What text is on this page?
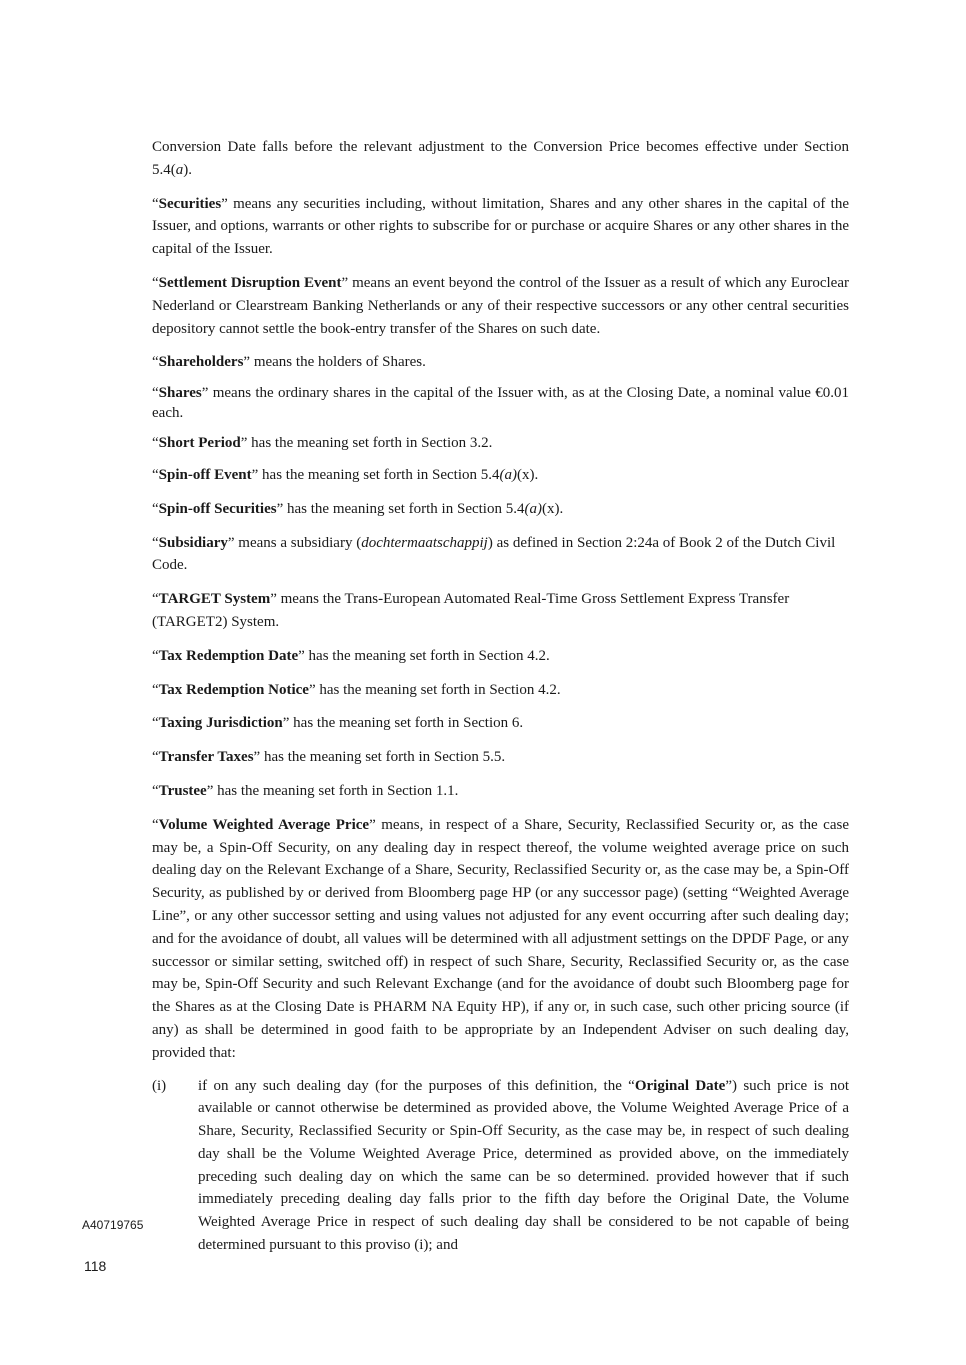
Conversion Date falls before the relevant adjustment to the Conversion Price becomes effective under Section 5.4(a).

“Securities” means any securities including, without limitation, Shares and any other shares in the capital of the Issuer, and options, warrants or other rights to subscribe for or purchase or acquire Shares or any other shares in the capital of the Issuer.

“Settlement Disruption Event” means an event beyond the control of the Issuer as a result of which any Euroclear Nederland or Clearstream Banking Netherlands or any of their respective successors or any other central securities depository cannot settle the book-entry transfer of the Shares on such date.

“Shareholders” means the holders of Shares.

“Shares” means the ordinary shares in the capital of the Issuer with, as at the Closing Date, a nominal value €0.01 each.

“Short Period” has the meaning set forth in Section 3.2.

“Spin-off Event” has the meaning set forth in Section 5.4(a)(x).

“Spin-off Securities” has the meaning set forth in Section 5.4(a)(x).

“Subsidiary” means a subsidiary (dochtermaatschappij) as defined in Section 2:24a of Book 2 of the Dutch Civil Code.

“TARGET System” means the Trans-European Automated Real-Time Gross Settlement Express Transfer (TARGET2) System.

“Tax Redemption Date” has the meaning set forth in Section 4.2.

“Tax Redemption Notice” has the meaning set forth in Section 4.2.

“Taxing Jurisdiction” has the meaning set forth in Section 6.

“Transfer Taxes” has the meaning set forth in Section 5.5.

“Trustee” has the meaning set forth in Section 1.1.

“Volume Weighted Average Price” means, in respect of a Share, Security, Reclassified Security or, as the case may be, a Spin-Off Security, on any dealing day in respect thereof, the volume weighted average price on such dealing day on the Relevant Exchange of a Share, Security, Reclassified Security or, as the case may be, a Spin-Off Security, as published by or derived from Bloomberg page HP (or any successor page) (setting “Weighted Average Line”, or any other successor setting and using values not adjusted for any event occurring after such dealing day; and for the avoidance of doubt, all values will be determined with all adjustment settings on the DPDF Page, or any successor or similar setting, switched off) in respect of such Share, Security, Reclassified Security or, as the case may be, Spin-Off Security and such Relevant Exchange (and for the avoidance of doubt such Bloomberg page for the Shares as at the Closing Date is PHARM NA Equity HP), if any or, in such case, such other pricing source (if any) as shall be determined in good faith to be appropriate by an Independent Adviser on such dealing day, provided that:

(i)	if on any such dealing day (for the purposes of this definition, the “Original Date”) such price is not available or cannot otherwise be determined as provided above, the Volume Weighted Average Price of a Share, Security, Reclassified Security or Spin-Off Security, as the case may be, in respect of such dealing day shall be the Volume Weighted Average Price, determined as provided above, on the immediately preceding such dealing day on which the same can be so determined. provided however that if such immediately preceding dealing day falls prior to the fifth day before the Original Date, the Volume Weighted Average Price in respect of such dealing day shall be considered to be not capable of being determined pursuant to this proviso (i); and
A40719765
118
